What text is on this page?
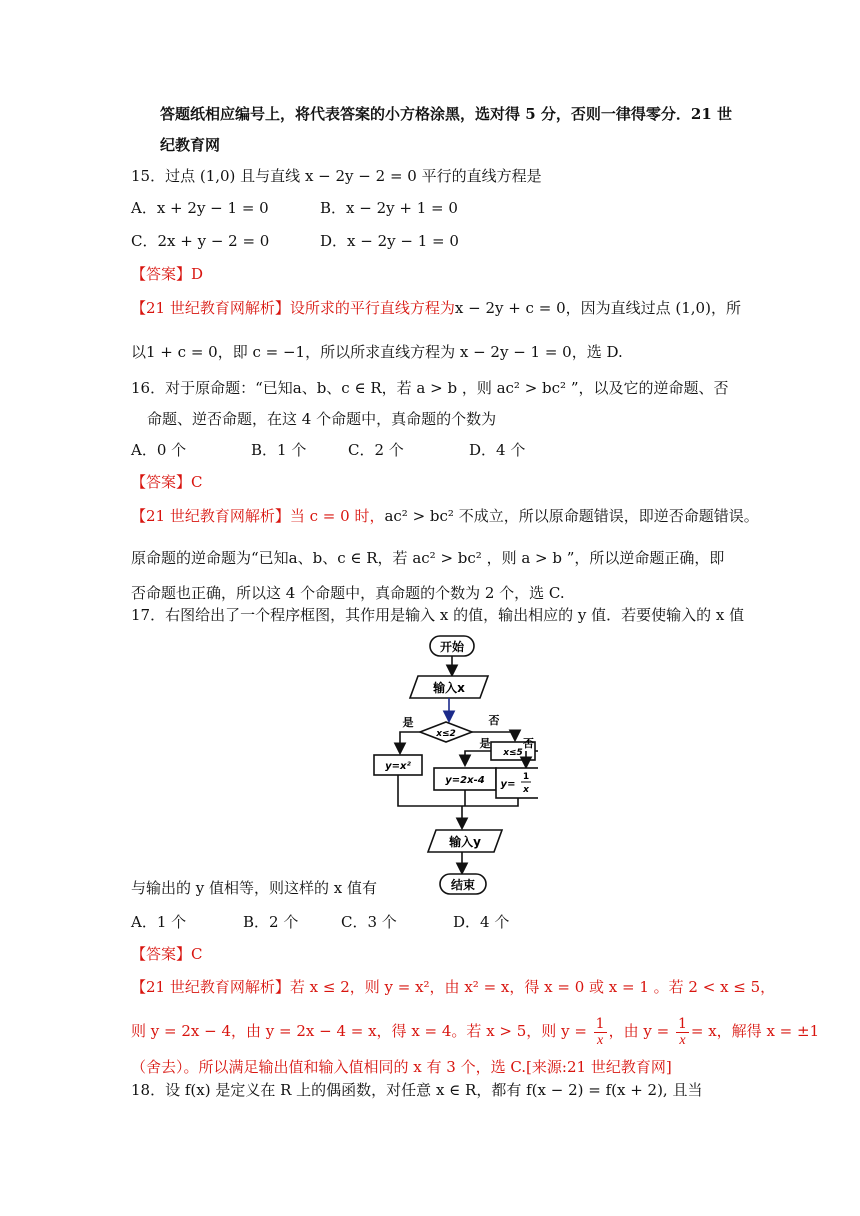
答题纸相应编号上，将代表答案的小方格涂黑，选对得 5 分，否则一律得零分．21 世
纪教育网
15．过点 (1,0) 且与直线 x − 2y − 2 = 0 平行的直线方程是
A．x + 2y − 1 = 0	B．x − 2y + 1 = 0
C．2x + y − 2 = 0	D．x − 2y − 1 = 0
【答案】D
【21 世纪教育网解析】设所求的平行直线方程为x − 2y + c = 0，因为直线过点 (1,0)，所
以1 + c = 0，即 c = −1，所以所求直线方程为 x − 2y − 1 = 0，选 D.
16．对于原命题：“已知a、b、c ∈ R，若 a > b ，则 ac² > bc² ”，以及它的逆命题、否
命题、逆否命题，在这 4 个命题中，真命题的个数为
A．0 个	B．1 个	C．2 个	D．4 个
【答案】C
【21 世纪教育网解析】当 c = 0 时，ac² > bc² 不成立，所以原命题错误，即逆否命题错误。
原命题的逆命题为“已知a、b、c ∈ R，若 ac² > bc² ，则 a > b ”，所以逆命题正确，即
否命题也正确，所以这 4 个命题中，真命题的个数为 2 个，选 C.
17．右图给出了一个程序框图，其作用是输入 x 的值，输出相应的 y 值．若要使输入的 x 值
开始
输入x
x≤2
是	否
y=x²
x≤5
是	否
y=2x-4 y=
1
x
输入y
结束
与输出的 y 值相等，则这样的 x 值有
A．1 个	B．2 个	C．3 个	D．4 个
【答案】C
【21 世纪教育网解析】若 x ≤ 2，则 y = x²，由 x² = x，得 x = 0 或 x = 1 。若 2 < x ≤ 5，
则 y = 2x − 4，由 y = 2x − 4 = x，得 x = 4。若 x > 5，则 $y = \frac{1}{x}$ ，由 $y = \frac{1}{x} = x$，解得 x = ±1
（舍去）。所以满足输出值和输入值相同的 x 有 3 个，选 C.[来源:21 世纪教育网]
18．设 f(x) 是定义在 R 上的偶函数，对任意 x ∈ R，都有 f(x − 2) = f(x + 2), 且当
